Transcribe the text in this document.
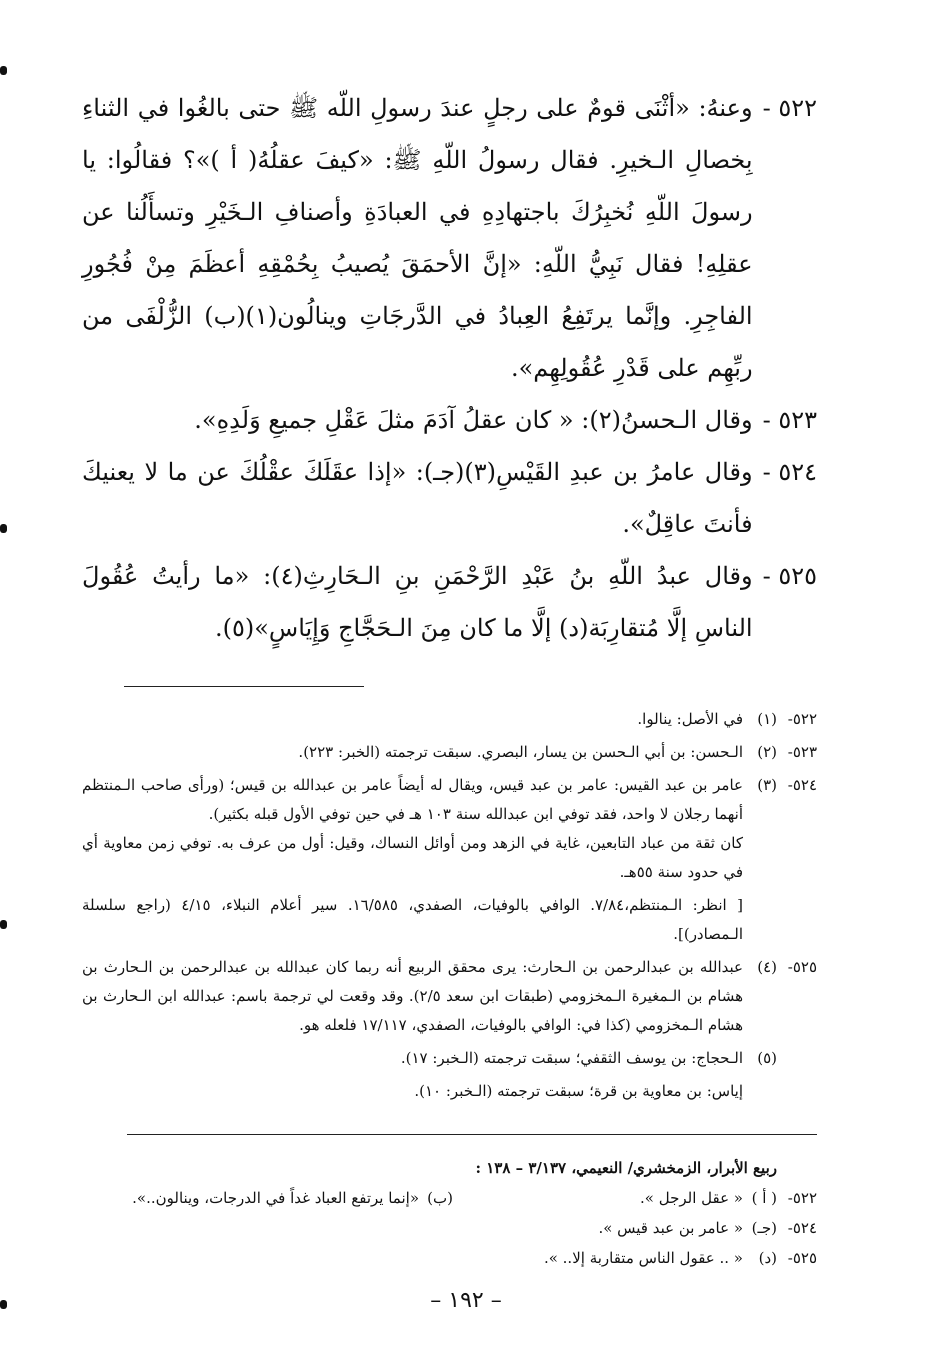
٥٢٢ -
وعنهُ: «أثْنَى قومٌ على رجلٍ عندَ رسولِ اللّه ﷺ حتى بالغُوا في الثناءِ بِخصالِ الـخيرِ. فقال رسولُ اللّهِ ﷺ: «كيفَ عقلُهُ( أ )»؟ فقالُوا: يا رسولَ اللّهِ نُخبِرُكَ باجتهادِهِ في العبادَةِ وأصنافِ الـخَيْرِ وتسأَلُنا عن عقلِهِ! فقال نَبِيُّ اللّهِ: «إنَّ الأحمَقَ يُصيبُ بِحُمْقِهِ أعظَمَ مِنْ فُجُورِ الفاجِرِ. وإنَّما يرتَفِعُ العِبادُ في الدَّرجَاتِ وينالُون(١)(ب) الزُّلْفَى من ربِّهِم على قَدْرِ عُقُولِهِم».
٥٢٣ -
وقال الـحسنُ(٢): « كان عقلُ آدَمَ مثلَ عَقْلِ جميعِ وَلَدِهِ».
٥٢٤ -
وقال عامرُ بن عبدِ القَيْسِ(٣)(جـ): «إذا عقَلَكَ عقْلُكَ عن ما لا يعنيكَ فأنتَ عاقِلٌ».
٥٢٥ -
وقال عبدُ اللّهِ بنُ عَبْدِ الرَّحْمَنِ بنِ الـحَارِثِ(٤): «ما رأيتُ عُقُولَ الناسِ إلَّا مُتقارِبَة(د) إلَّا ما كان مِنَ الـحَجَّاجِ وَإِيَاسٍ»(٥).
٥٢٢-
(١)
في الأصل: ينالوا.
٥٢٣-
(٢)
الـحسن: بن أبي الـحسن بن يسار، البصري. سبقت ترجمته (الخبر: ٢٢٣).
٥٢٤-
(٣)
عامر بن عبد القيس: عامر بن عبد قيس، ويقال له أيضاً عامر بن عبدالله بن قيس؛ (ورأى صاحب الـمنتظم أنهما رجلان لا واحد، فقد توفي ابن عبدالله سنة ١٠٣ هـ في حين توفي الأول قبله بكثير).
كان ثقة من عباد التابعين، غاية في الزهد ومن أوائل النساك، وقيل: أول من عرف به. توفي زمن معاوية أي في حدود سنة ٥٥هـ.
[ انظر: الـمنتظم،٧/٨٤. الوافي بالوفيات، الصفدي، ١٦/٥٨٥. سير أعلام النبلاء، ٤/١٥ (راجع سلسلة الـمصادر)].
٥٢٥-
(٤)
عبدالله بن عبدالرحمن بن الـحارث: يرى محقق الربيع أنه ربما كان عبدالله بن عبدالرحمن بن الـحارث بن هشام بن الـمغيرة الـمخزومي (طبقات ابن سعد ٢/٥). وقد وقعت لي ترجمة باسم: عبدالله ابن الـحارث بن هشام الـمخزومي (كذا في: الوافي بالوفيات، الصفدي، ١٧/١١٧ فلعله هو.
(٥)
الـحجاج: بن يوسف الثقفي؛ سبقت ترجمته (الـخبر: ١٧).
إياس: بن معاوية بن قرة؛ سبقت ترجمته (الـخبر: ١٠).
ربيع الأبرار، الزمخشري/ النعيمي، ٣/١٣٧ – ١٣٨ :
٥٢٢-
( أ )
« عقل الرجل ».
(ب)
«إنما يرتفع العباد غداً في الدرجات، وينالون..».
٥٢٤-
(جـ)
« عامر بن عبد قيس ».
٥٢٥-
(د)
« .. عقول الناس متقاربة إلا.. ».
– ١٩٢ –
